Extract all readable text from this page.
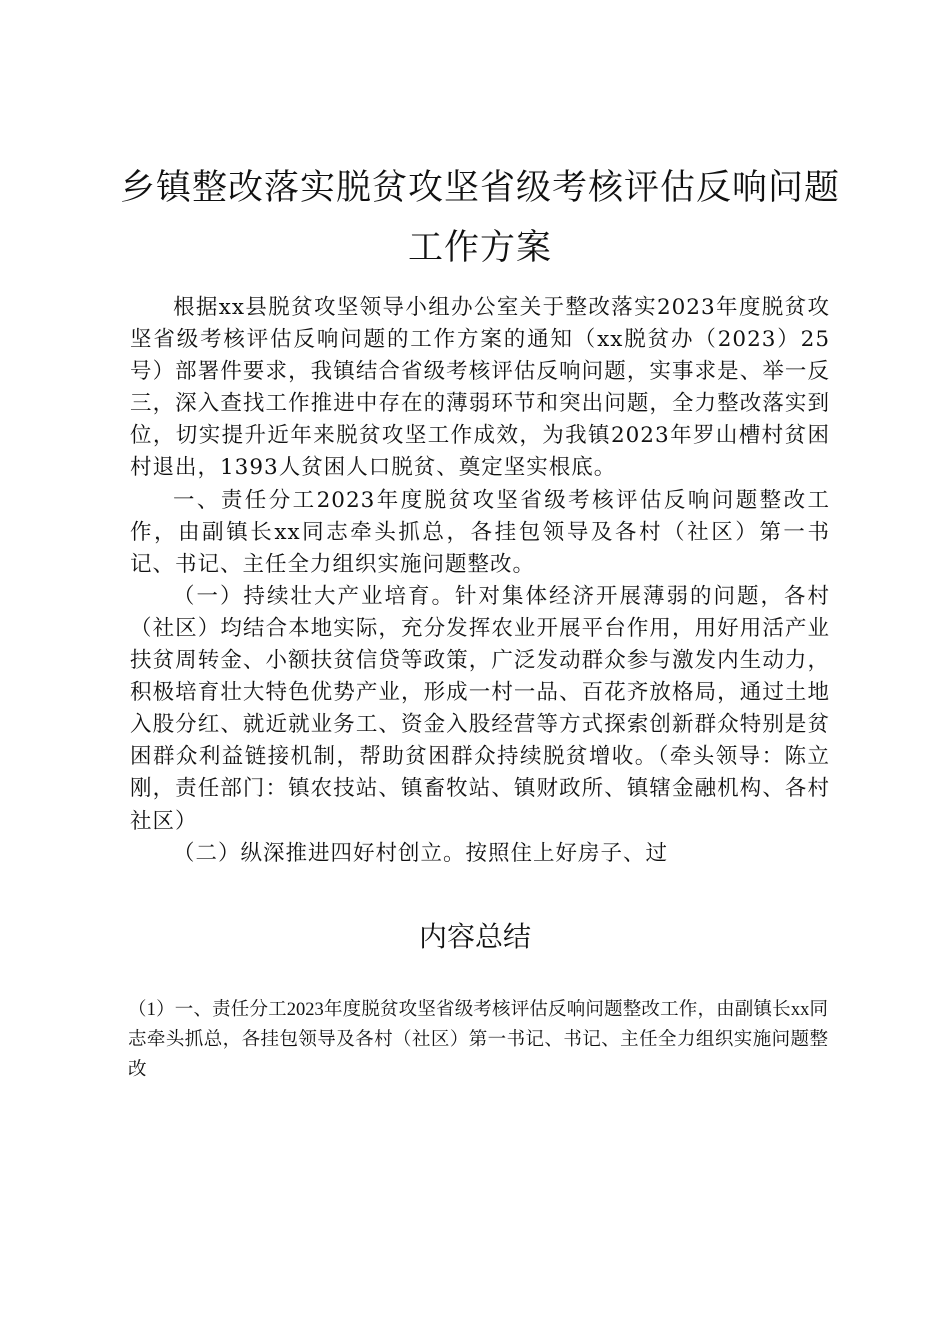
乡镇整改落实脱贫攻坚省级考核评估反响问题
工作方案

根据xx县脱贫攻坚领导小组办公室关于整改落实2023年度脱贫攻坚省级考核评估反响问题的工作方案的通知（xx脱贫办（2023）25号）部署件要求，我镇结合省级考核评估反响问题，实事求是、举一反三，深入查找工作推进中存在的薄弱环节和突出问题，全力整改落实到位，切实提升近年来脱贫攻坚工作成效，为我镇2023年罗山槽村贫困村退出，1393人贫困人口脱贫、奠定坚实根底。

一、责任分工2023年度脱贫攻坚省级考核评估反响问题整改工作，由副镇长xx同志牵头抓总，各挂包领导及各村（社区）第一书记、书记、主任全力组织实施问题整改。

（一）持续壮大产业培育。针对集体经济开展薄弱的问题，各村（社区）均结合本地实际，充分发挥农业开展平台作用，用好用活产业扶贫周转金、小额扶贫信贷等政策，广泛发动群众参与激发内生动力，积极培育壮大特色优势产业，形成一村一品、百花齐放格局，通过土地入股分红、就近就业务工、资金入股经营等方式探索创新群众特别是贫困群众利益链接机制，帮助贫困群众持续脱贫增收。（牵头领导：陈立刚，责任部门：镇农技站、镇畜牧站、镇财政所、镇辖金融机构、各村社区）

（二）纵深推进四好村创立。按照住上好房子、过

内容总结

（1）一、责任分工2023年度脱贫攻坚省级考核评估反响问题整改工作，由副镇长xx同志牵头抓总，各挂包领导及各村（社区）第一书记、书记、主任全力组织实施问题整改
